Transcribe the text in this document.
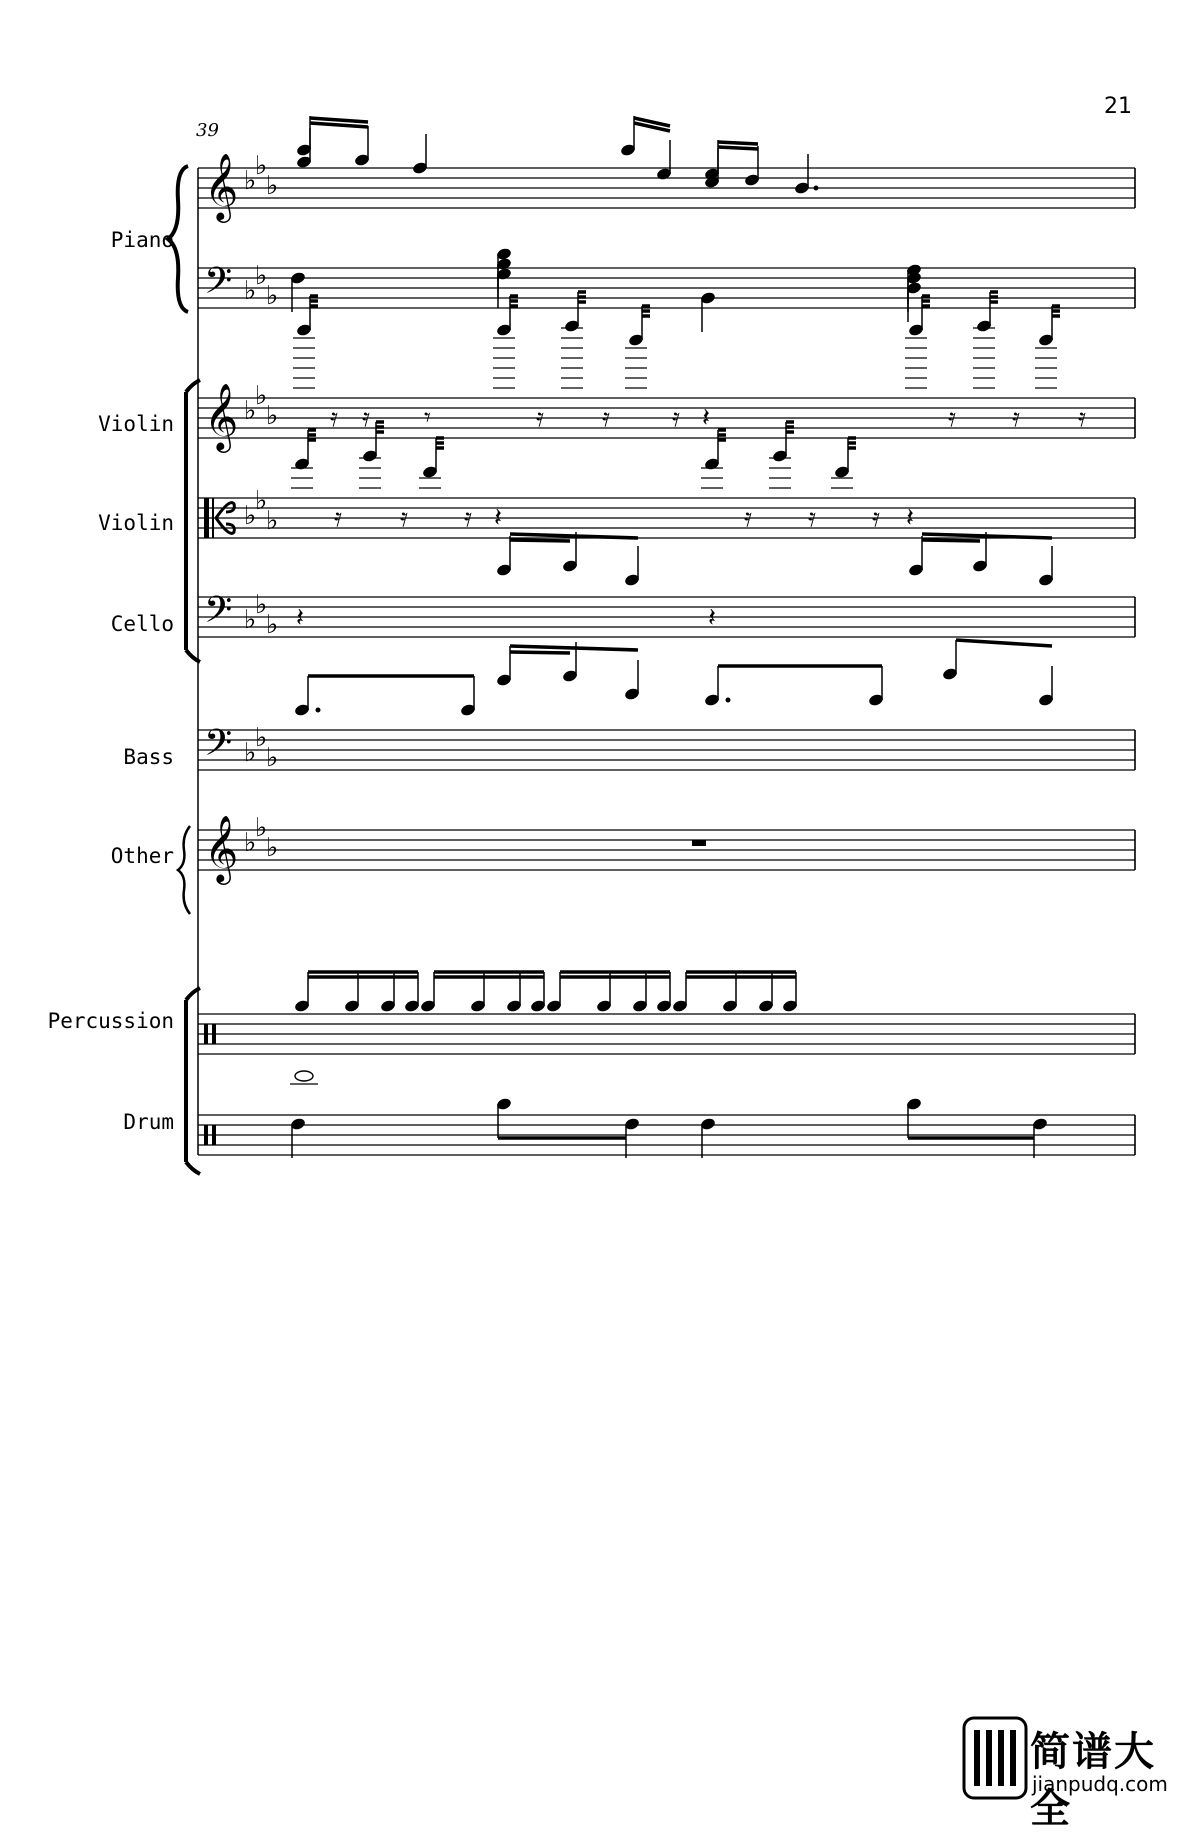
𝄞 ♭
♭
♭
𝄢 ♭
♭
♭
𝄞 ♭
♭
♭
♭
♭
♭
𝄢 ♭
♭
♭
𝄢 ♭
♭
♭
𝄞 ♭
♭
♭
𝄿 𝄿 𝄾	𝄿 𝄿 𝄿 𝄽	𝄿 𝄿 𝄿
𝄿 𝄿 𝄿 𝄽	𝄿 𝄿 𝄿 𝄽
𝄽	𝄽
21
39
Piano
Violin
Violin
Cello
Bass
Other
Percussion
Drum
简谱大全
jianpudq.com
